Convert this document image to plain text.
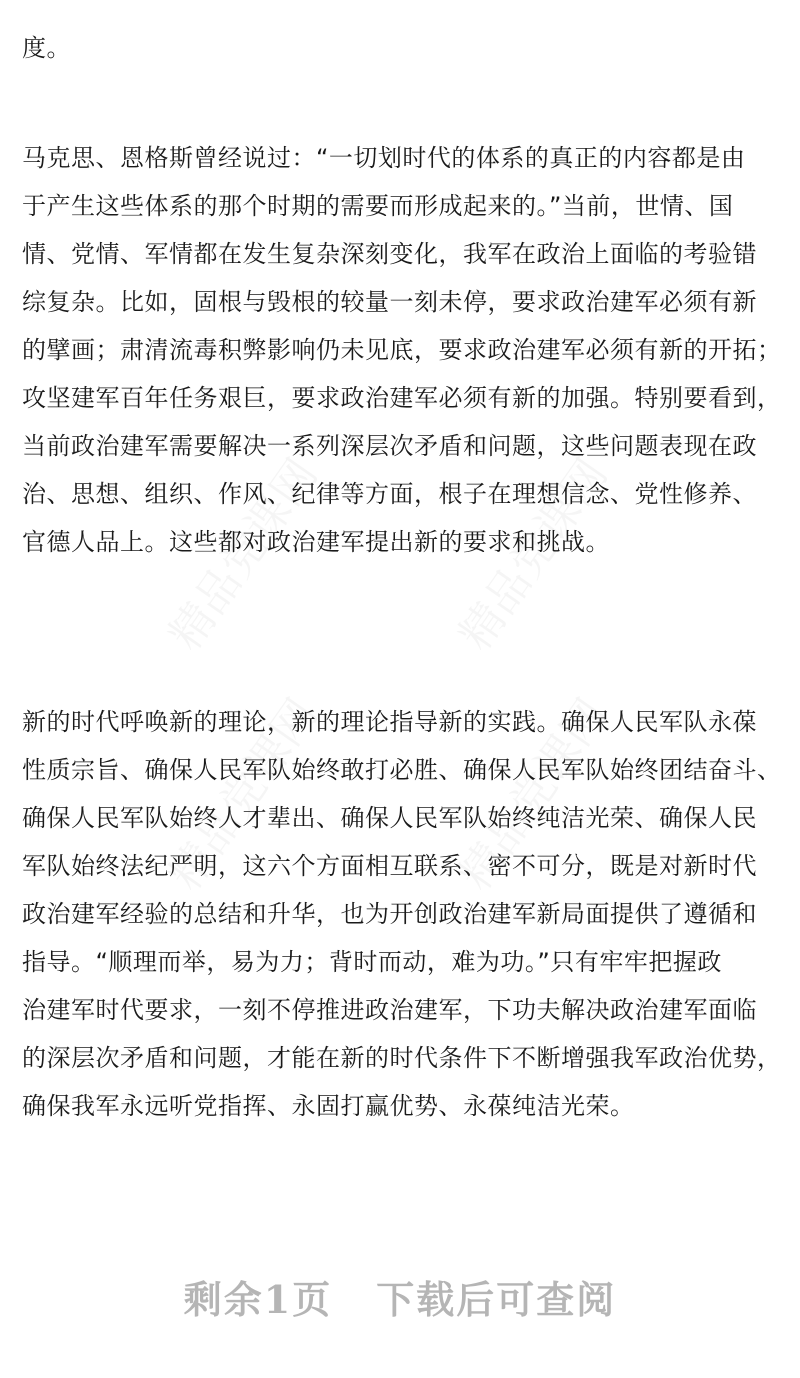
度。
马克思、恩格斯曾经说过：“一切划时代的体系的真正的内容都是由
于产生这些体系的那个时期的需要而形成起来的。”当前，世情、国
情、党情、军情都在发生复杂深刻变化，我军在政治上面临的考验错
综复杂。比如，固根与毁根的较量一刻未停，要求政治建军必须有新
的擘画；肃清流毒积弊影响仍未见底，要求政治建军必须有新的开拓；
攻坚建军百年任务艰巨，要求政治建军必须有新的加强。特别要看到，
当前政治建军需要解决一系列深层次矛盾和问题，这些问题表现在政
治、思想、组织、作风、纪律等方面，根子在理想信念、党性修养、
官德人品上。这些都对政治建军提出新的要求和挑战。
新的时代呼唤新的理论，新的理论指导新的实践。确保人民军队永葆
性质宗旨、确保人民军队始终敢打必胜、确保人民军队始终团结奋斗、
确保人民军队始终人才辈出、确保人民军队始终纯洁光荣、确保人民
军队始终法纪严明，这六个方面相互联系、密不可分，既是对新时代
政治建军经验的总结和升华，也为开创政治建军新局面提供了遵循和
指导。“顺理而举，易为力；背时而动，难为功。”只有牢牢把握政
治建军时代要求，一刻不停推进政治建军，下功夫解决政治建军面临
的深层次矛盾和问题，才能在新的时代条件下不断增强我军政治优势，
确保我军永远听党指挥、永固打赢优势、永葆纯洁光荣。
剩余1页 下载后可查阅
